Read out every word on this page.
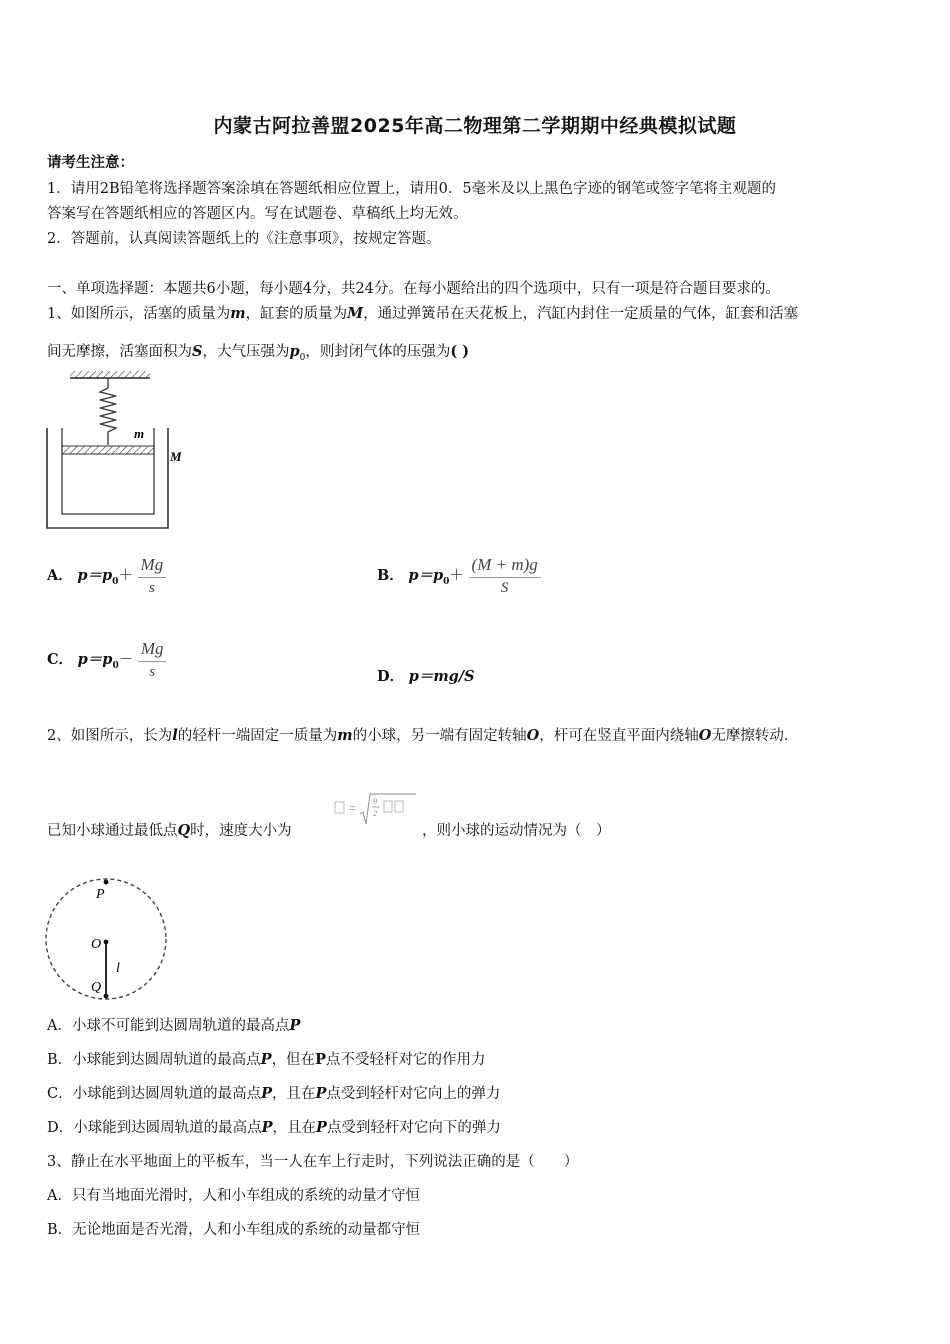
内蒙古阿拉善盟2025年高二物理第二学期期中经典模拟试题
请考生注意：
1．请用2B铅笔将选择题答案涂填在答题纸相应位置上，请用0．5毫米及以上黑色字迹的钢笔或签字笔将主观题的
答案写在答题纸相应的答题区内。写在试题卷、草稿纸上均无效。
2．答题前，认真阅读答题纸上的《注意事项》，按规定答题。
一、单项选择题：本题共6小题，每小题4分，共24分。在每小题给出的四个选项中，只有一项是符合题目要求的。
1、如图所示，活塞的质量为m，缸套的质量为M，通过弹簧吊在天花板上，汽缸内封住一定质量的气体，缸套和活塞
间无摩擦，活塞面积为S，大气压强为$p_0$，则封闭气体的压强为( )
m
M
A． $p=p_0+ \frac{Mg}{s}$	B． $p=p_0+ \frac{(M + m)g}{S}$
C． $p=p_0- \frac{Mg}{s}$	D． p＝mg/S
2、如图所示，长为l的轻杆一端固定一质量为m的小球，另一端有固定转轴O，杆可在竖直平面内绕轴O无摩擦转动．
已知小球通过最低点Q时，速度大小为
= 9
2
，则小球的运动情况为（　）
P
O
l
Q
A．小球不可能到达圆周轨道的最高点P
B．小球能到达圆周轨道的最高点P，但在P点不受轻杆对它的作用力
C．小球能到达圆周轨道的最高点P，且在P点受到轻杆对它向上的弹力
D．小球能到达圆周轨道的最高点P，且在P点受到轻杆对它向下的弹力
3、静止在水平地面上的平板车，当一人在车上行走时，下列说法正确的是（　　）
A．只有当地面光滑时，人和小车组成的系统的动量才守恒
B．无论地面是否光滑，人和小车组成的系统的动量都守恒
